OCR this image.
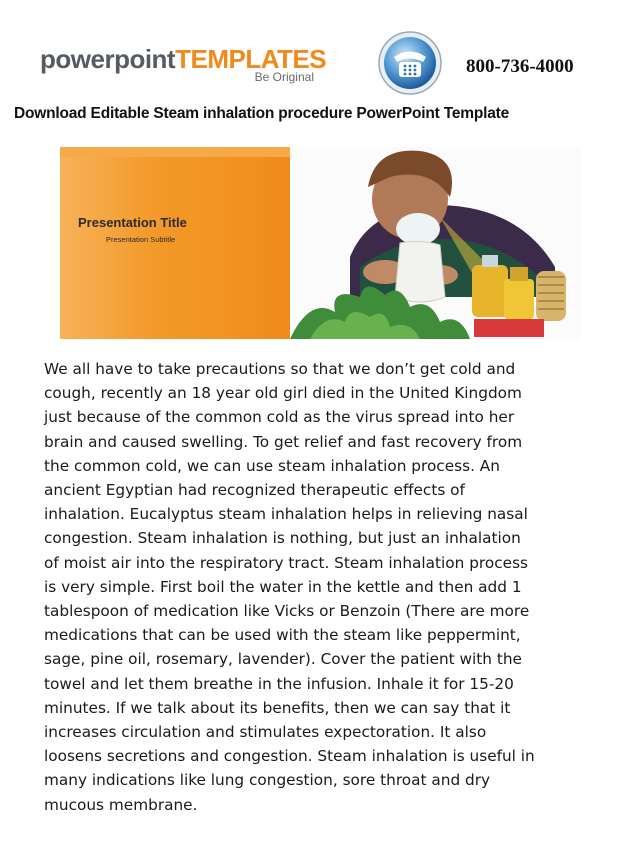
powerpointTEMPLATES
Be Original	800-736-4000
Download Editable Steam inhalation procedure PowerPoint Template
Presentation Title
Presentation Subtitle
We all have to take precautions so that we don’t get cold and
cough, recently an 18 year old girl died in the United Kingdom
just because of the common cold as the virus spread into her
brain and caused swelling. To get relief and fast recovery from
the common cold, we can use steam inhalation process. An
ancient Egyptian had recognized therapeutic effects of
inhalation. Eucalyptus steam inhalation helps in relieving nasal
congestion. Steam inhalation is nothing, but just an inhalation
of moist air into the respiratory tract. Steam inhalation process
is very simple. First boil the water in the kettle and then add 1
tablespoon of medication like Vicks or Benzoin (There are more
medications that can be used with the steam like peppermint,
sage, pine oil, rosemary, lavender). Cover the patient with the
towel and let them breathe in the infusion. Inhale it for 15-20
minutes. If we talk about its benefits, then we can say that it
increases circulation and stimulates expectoration. It also
loosens secretions and congestion. Steam inhalation is useful in
many indications like lung congestion, sore throat and dry
mucous membrane.
